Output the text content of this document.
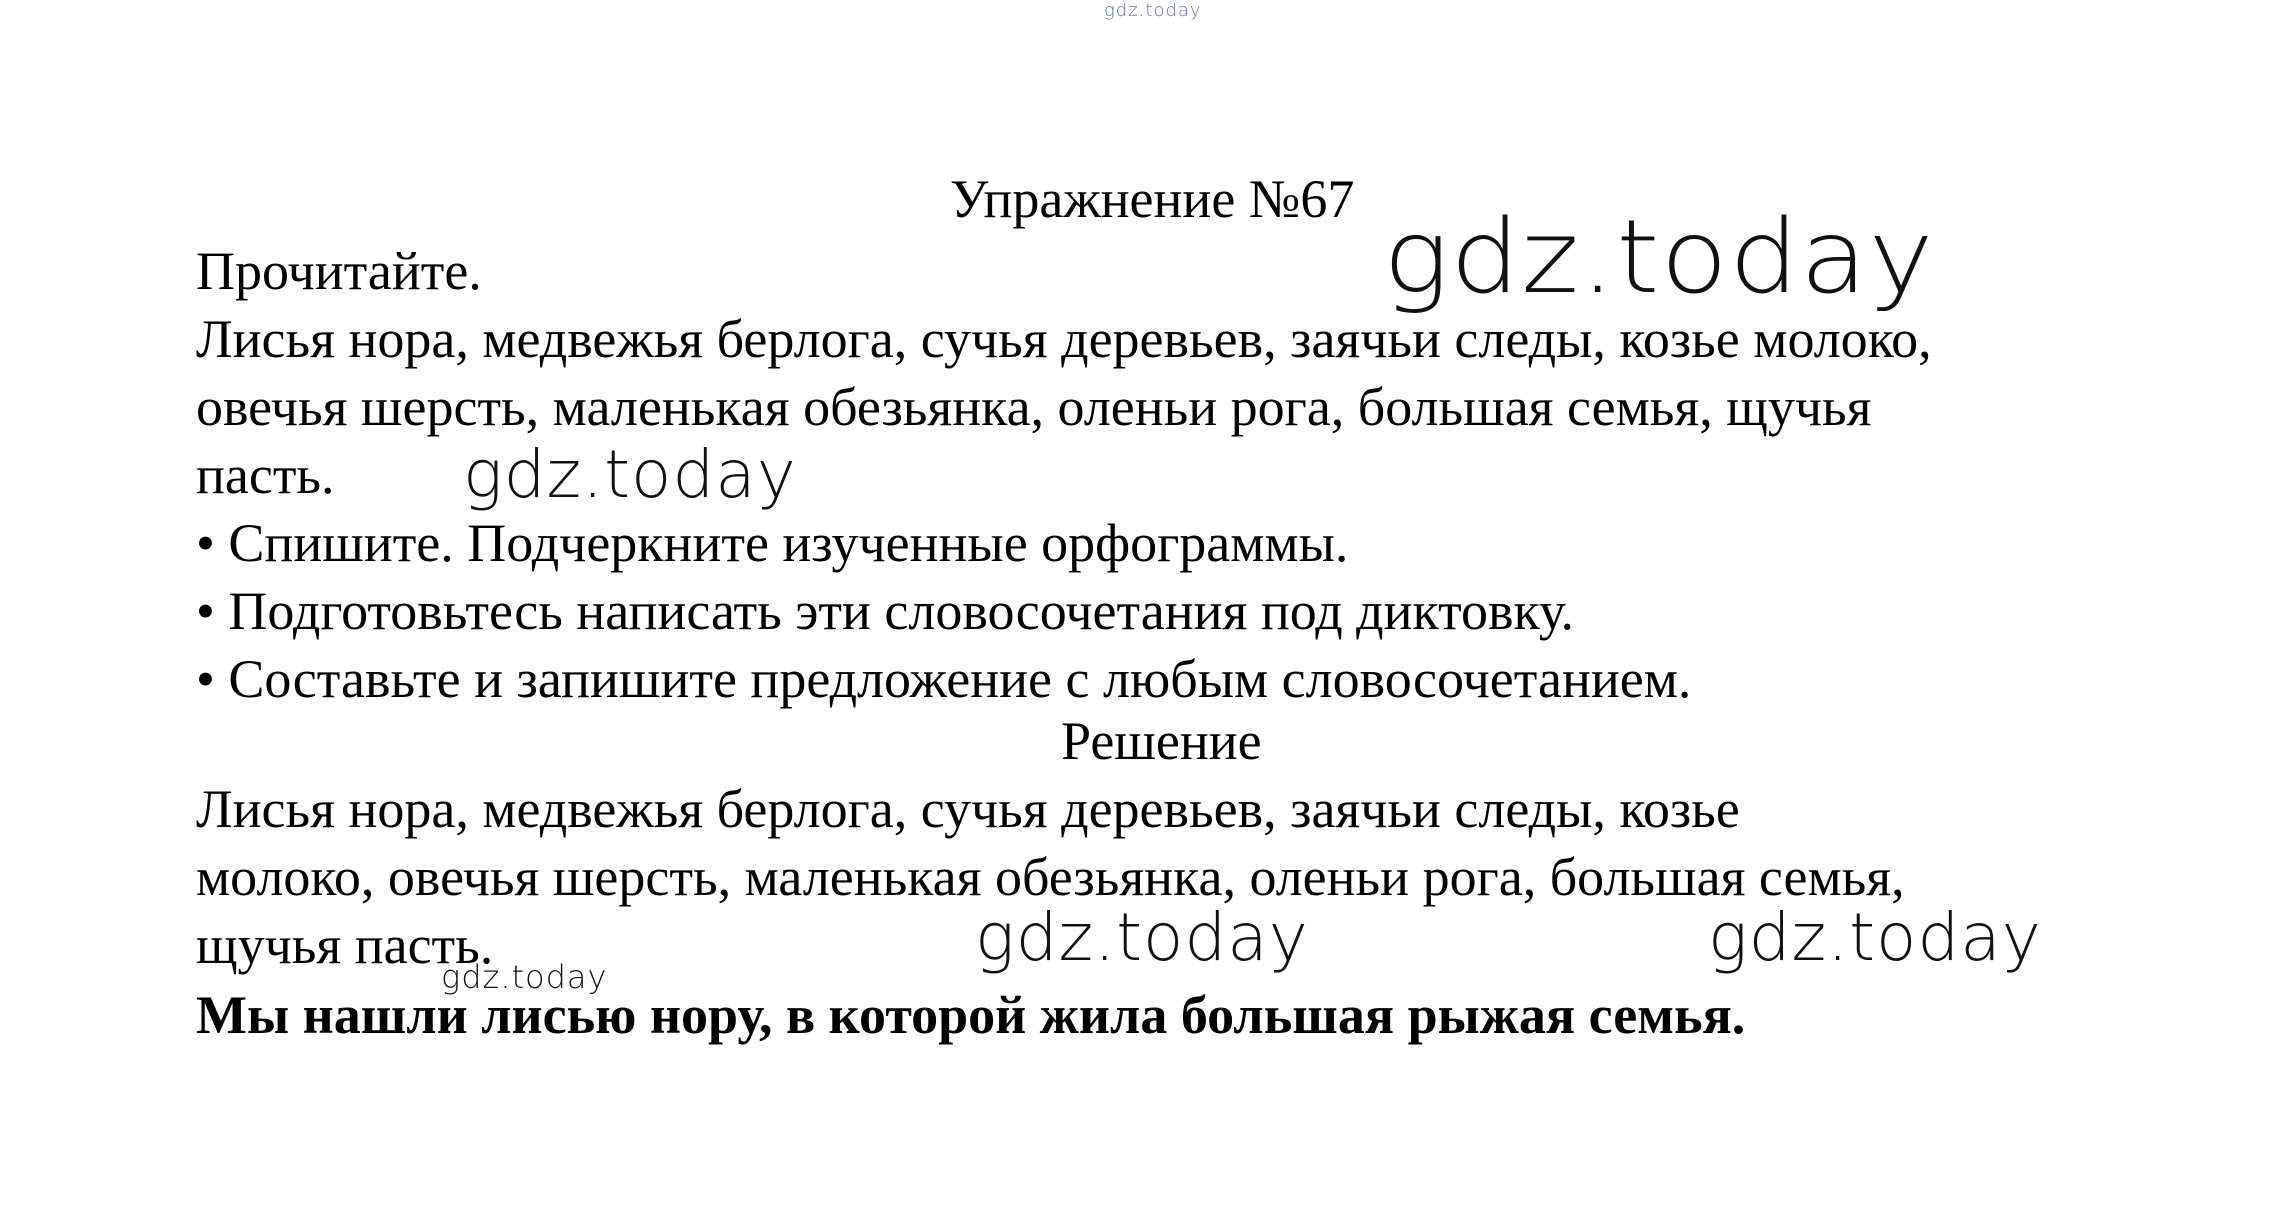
gdz.today
gdz.today
gdz.today
gdz.today	gdz.today
Упражнение №67
Прочитайте.
Лисья нора, медвежья берлога, сучья деревьев, заячьи следы, козье молоко,
овечья шерсть, маленькая обезьянка, оленьи рога, большая семья, щучья
пасть.
• Спишите. Подчеркните изученные орфограммы.
• Подготовьтесь написать эти словосочетания под диктовку.
• Составьте и запишите предложение с любым словосочетанием.
Решение
Лисья нора, медвежья берлога, сучья деревьев, заячьи следы, козье
молоко, овечья шерсть, маленькая обезьянка, оленьи рога, большая семья,
щучья пасть.
gdz.today
Мы нашли лисью нору, в которой жила большая рыжая семья.
